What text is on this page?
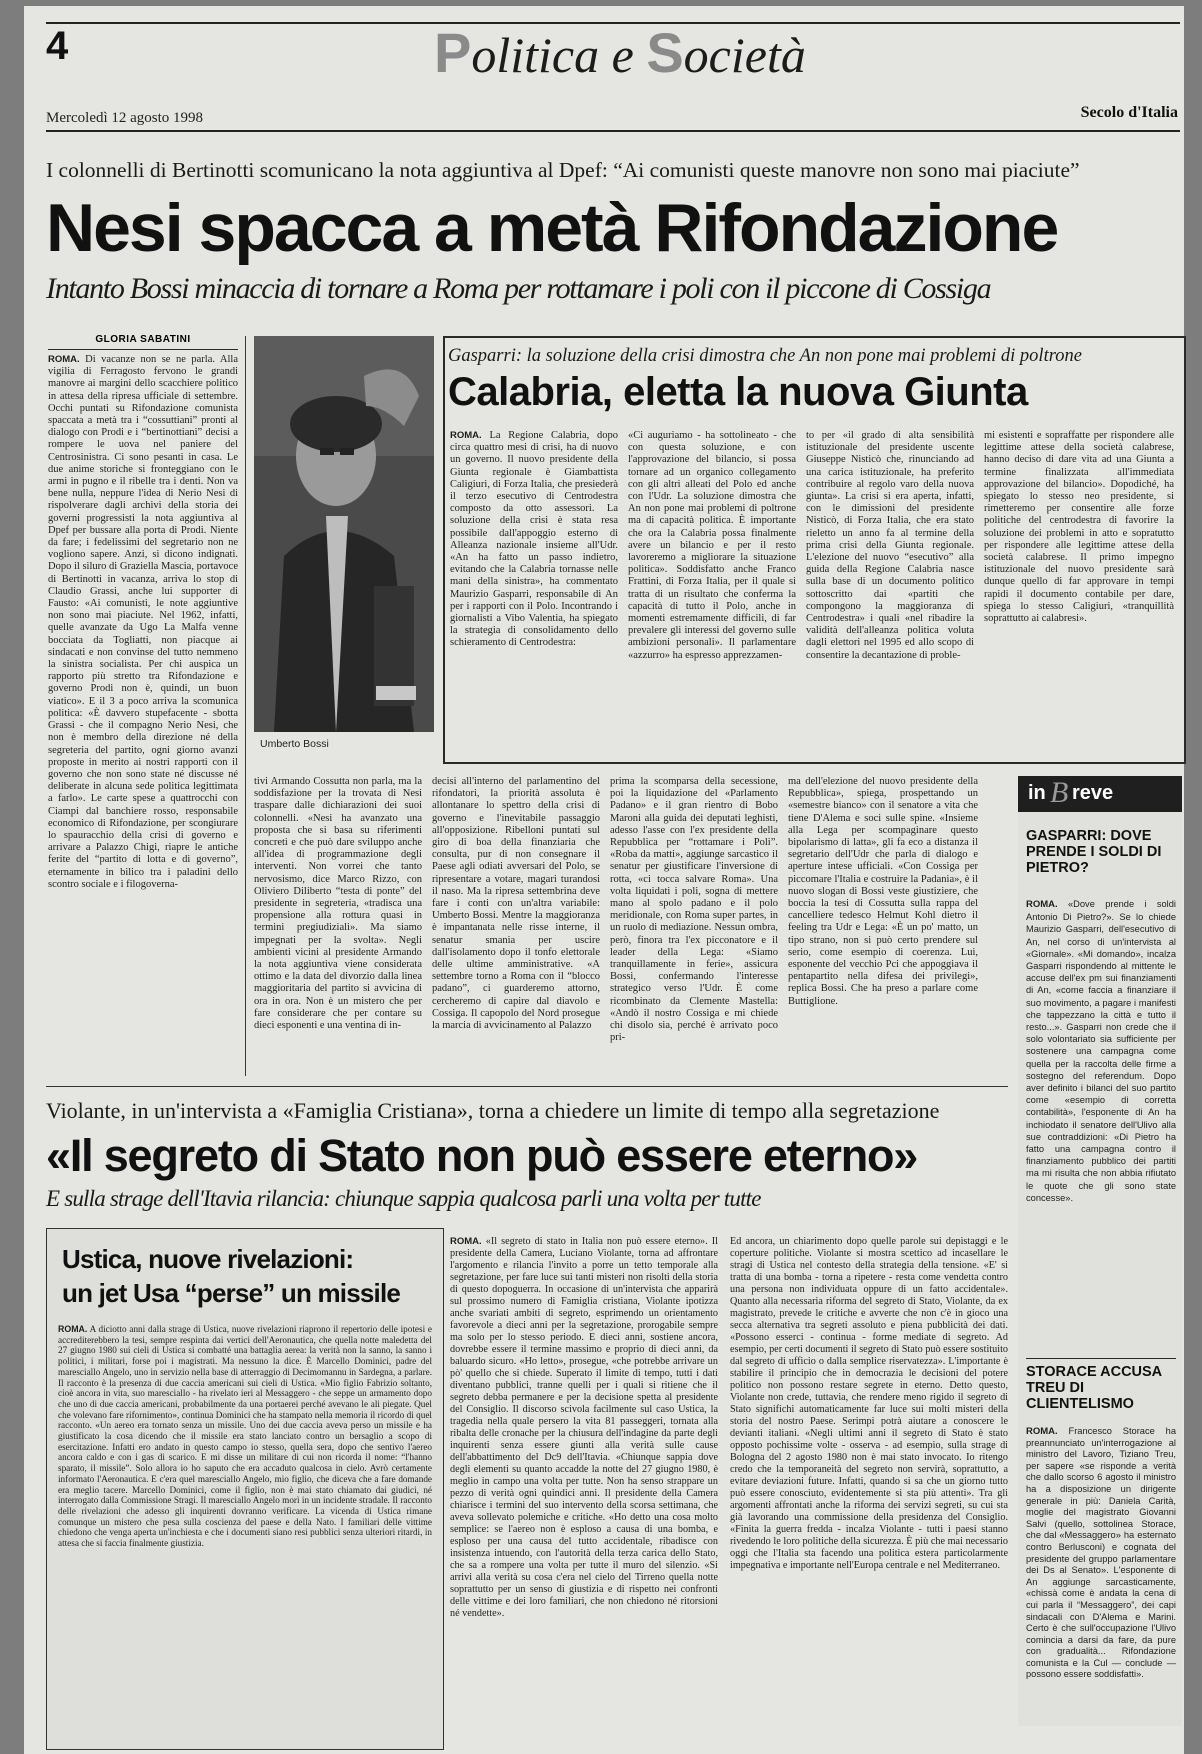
4	Politica e Società
Mercoledì 12 agosto 1998	Secolo d'Italia
I colonnelli di Bertinotti scomunicano la nota aggiuntiva al Dpef: “Ai comunisti queste manovre non sono mai piaciute”
Nesi spacca a metà Rifondazione
Intanto Bossi minaccia di tornare a Roma per rottamare i poli con il piccone di Cossiga
GLORIA SABATINI
ROMA. Di vacanze non se ne parla. Alla vigilia di Ferragosto fervono le grandi manovre ai margini dello scacchiere politico in attesa della ripresa ufficiale di settembre. Occhi puntati su Rifondazione comunista spaccata a metà tra i “cossuttiani” pronti al dialogo con Prodi e i “bertinottiani” decisi a rompere le uova nel paniere del Centrosinistra. Ci sono pesanti in casa. Le due anime storiche si fronteggiano con le armi in pugno e il ribelle tra i denti. Non va bene nulla, neppure l'idea di Nerio Nesi di rispolverare dagli archivi della storia dei governi progressisti la nota aggiuntiva al Dpef per bussare alla porta di Prodi. Niente da fare; i fedelissimi del segretario non ne vogliono sapere. Anzi, si dicono indignati. Dopo il siluro di Graziella Mascia, portavoce di Bertinotti in vacanza, arriva lo stop di Claudio Grassi, anche lui supporter di Fausto: «Ai comunisti, le note aggiuntive non sono mai piaciute. Nel 1962, infatti, quelle avanzate da Ugo La Malfa venne bocciata da Togliatti, non piacque ai sindacati e non convinse del tutto nemmeno la sinistra socialista. Per chi auspica un rapporto più stretto tra Rifondazione e governo Prodi non è, quindi, un buon viatico». E il 3 a poco arriva la scomunica politica: «È davvero stupefacente - sbotta Grassi - che il compagno Nerio Nesi, che non è membro della direzione né della segreteria del partito, ogni giorno avanzi proposte in merito ai nostri rapporti con il governo che non sono state né discusse né deliberate in alcuna sede politica legittimata a farlo». Le carte spese a quattrocchi con Ciampi dal banchiere rosso, responsabile economico di Rifondazione, per scongiurare lo spauracchio della crisi di governo e arrivare a Palazzo Chigi, riapre le antiche ferite del “partito di lotta e di governo”, eternamente in bilico tra i paladini dello scontro sociale e i filogoverna-
Umberto Bossi
Gasparri: la soluzione della crisi dimostra che An non pone mai problemi di poltrone
Calabria, eletta la nuova Giunta
ROMA. La Regione Calabria, dopo circa quattro mesi di crisi, ha di nuovo un governo. Il nuovo presidente della Giunta regionale è Giambattista Caligiuri, di Forza Italia, che presiederà il terzo esecutivo di Centrodestra composto da otto assessori. La soluzione della crisi è stata resa possibile dall'appoggio esterno di Alleanza nazionale insieme all'Udr. «An ha fatto un passo indietro, evitando che la Calabria tornasse nelle mani della sinistra», ha commentato Maurizio Gasparri, responsabile di An per i rapporti con il Polo. Incontrando i giornalisti a Vibo Valentia, ha spiegato la strategia di consolidamento dello schieramento di Centrodestra:
«Ci auguriamo - ha sottolineato - che con questa soluzione, e con l'approvazione del bilancio, si possa tornare ad un organico collegamento con gli altri alleati del Polo ed anche con l'Udr. La soluzione dimostra che An non pone mai problemi di poltrone ma di capacità politica. È importante che ora la Calabria possa finalmente avere un bilancio e per il resto lavoreremo a migliorare la situazione politica». Soddisfatto anche Franco Frattini, di Forza Italia, per il quale si tratta di un risultato che conferma la capacità di tutto il Polo, anche in momenti estremamente difficili, di far prevalere gli interessi del governo sulle ambizioni personali». Il parlamentare «azzurro» ha espresso apprezzamen-
to per «il grado di alta sensibilità istituzionale del presidente uscente Giuseppe Nisticò che, rinunciando ad una carica istituzionale, ha preferito contribuire al regolo varo della nuova giunta». La crisi si era aperta, infatti, con le dimissioni del presidente Nisticò, di Forza Italia, che era stato rieletto un anno fa al termine della prima crisi della Giunta regionale. L'elezione del nuovo “esecutivo” alla guida della Regione Calabria nasce sulla base di un documento politico sottoscritto dai «partiti che compongono la maggioranza di Centrodestra» i quali «nel ribadire la validità dell'alleanza politica voluta dagli elettori nel 1995 ed allo scopo di consentire la decantazione di proble-
mi esistenti e sopraffatte per rispondere alle legittime attese della società calabrese, hanno deciso di dare vita ad una Giunta a termine finalizzata all'immediata approvazione del bilancio». Dopodiché, ha spiegato lo stesso neo presidente, si rimetteremo per consentire alle forze politiche del centrodestra di favorire la soluzione dei problemi in atto e sopratutto per rispondere alle legittime attese della società calabrese. Il primo impegno istituzionale del nuovo presidente sarà dunque quello di far approvare in tempi rapidi il documento contabile per dare, spiega lo stesso Caligiuri, «tranquillità soprattutto ai calabresi».
tivi Armando Cossutta non parla, ma la soddisfazione per la trovata di Nesi traspare dalle dichiarazioni dei suoi colonnelli. «Nesi ha avanzato una proposta che si basa su riferimenti concreti e che può dare sviluppo anche all'idea di programmazione degli interventi. Non vorrei che tanto nervosismo, dice Marco Rizzo, con Oliviero Diliberto “testa di ponte” del presidente in segreteria, «tradisca una propensione alla rottura quasi in termini pregiudiziali». Ma siamo impegnati per la svolta». Negli ambienti vicini al presidente Armando la nota aggiuntiva viene considerata ottimo e la data del divorzio dalla linea maggioritaria del partito si avvicina di ora in ora. Non è un mistero che per fare considerare che per contare su dieci esponenti e una ventina di in-
decisi all'interno del parlamentino del rifondatori, la priorità assoluta è allontanare lo spettro della crisi di governo e l'inevitabile passaggio all'opposizione. Ribelloni puntati sul giro di boa della finanziaria che consulta, pur di non consegnare il Paese agli odiati avversari del Polo, se ripresentare a votare, magari turandosi il naso. Ma la ripresa settembrina deve fare i conti con un'altra variabile: Umberto Bossi. Mentre la maggioranza è impantanata nelle risse interne, il senatur smania per uscire dall'isolamento dopo il tonfo elettorale delle ultime amministrative. «A settembre torno a Roma con il “blocco padano”, ci guarderemo attorno, cercheremo di capire dal diavolo e Cossiga. Il capopolo del Nord prosegue la marcia di avvicinamento al Palazzo
prima la scomparsa della secessione, poi la liquidazione del «Parlamento Padano» e il gran rientro di Bobo Maroni alla guida dei deputati leghisti, adesso l'asse con l'ex presidente della Repubblica per “rottamare i Poli”. «Roba da matti», aggiunge sarcastico il senatur per giustificare l'inversione di rotta, «ci tocca salvare Roma». Una volta liquidati i poli, sogna di mettere mano al spolo padano e il polo meridionale, con Roma super partes, in un ruolo di mediazione. Nessun ombra, però, finora tra l'ex picconatore e il leader della Lega: «Siamo tranquillamente in ferie», assicura Bossi, confermando l'interesse strategico verso l'Udr. È come ricombinato da Clemente Mastella: «Andò il nostro Cossiga e mi chiede chi disolo sia, perché è arrivato poco pri-
ma dell'elezione del nuovo presidente della Repubblica», spiega, prospettando un «semestre bianco» con il senatore a vita che tiene D'Alema e soci sulle spine. «Insieme alla Lega per scompaginare questo bipolarismo di latta», gli fa eco a distanza il segretario dell'Udr che parla di dialogo e aperture intese ufficiali. «Con Cossiga per piccomare l'Italia e costruire la Padania», è il nuovo slogan di Bossi veste giustiziere, che boccia la tesi di Cossutta sulla rappa del cancelliere tedesco Helmut Kohl dietro il feeling tra Udr e Lega: «È un po' matto, un tipo strano, non si può certo prendere sul serio, come esempio di coerenza. Lui, esponente del vecchio Pci che appoggiava il pentapartito nella difesa dei privilegi», replica Bossi. Che ha preso a parlare come Buttiglione.
in B reve
GASPARRI: DOVE PRENDE I SOLDI DI PIETRO?
ROMA. «Dove prende i soldi Antonio Di Pietro?». Se lo chiede Maurizio Gasparri, dell'esecutivo di An, nel corso di un'intervista al «Giornale». «Mi domando», incalza Gasparri rispondendo al mittente le accuse dell'ex pm sui finanziamenti di An, «come faccia a finanziare il suo movimento, a pagare i manifesti che tappezzano la città e tutto il resto...». Gasparri non crede che il solo volontariato sia sufficiente per sostenere una campagna come quella per la raccolta delle firme a sostegno del referendum. Dopo aver definito i bilanci del suo partito come «esempio di corretta contabilità», l'esponente di An ha inchiodato il senatore dell'Ulivo alla sue contraddizioni: «Di Pietro ha fatto una campagna contro il finanziamento pubblico dei partiti ma mi risulta che non abbia rifiutato le quote che gli sono state concesse».
STORACE ACCUSA TREU DI CLIENTELISMO
ROMA. Francesco Storace ha preannunciato un'interrogazione al ministro del Lavoro, Tiziano Treu, per sapere «se risponde a verità che dallo scorso 6 agosto il ministro ha a disposizione un dirigente generale in più: Daniela Carità, moglie del magistrato Giovanni Salvi (quello, sottolinea Storace, che dal «Messaggero» ha esternato contro Berlusconi) e cognata del presidente del gruppo parlamentare dei Ds al Senato». L'esponente di An aggiunge sarcasticamente, «chissà come è andata la cena di cui parla il “Messaggero”, dei capi sindacali con D'Alema e Marini. Certo è che sull'occupazione l'Ulivo comincia a darsi da fare, da pure con gradualità... Rifondazione comunista e la Cul — conclude — possono essere soddisfatti».
Violante, in un'intervista a «Famiglia Cristiana», torna a chiedere un limite di tempo alla segretazione
«Il segreto di Stato non può essere eterno»
E sulla strage dell'Itavia rilancia: chiunque sappia qualcosa parli una volta per tutte
Ustica, nuove rivelazioni:
un jet Usa “perse” un missile
ROMA. A diciotto anni dalla strage di Ustica, nuove rivelazioni riaprono il repertorio delle ipotesi e accrediterebbero la tesi, sempre respinta dai vertici dell'Aeronautica, che quella notte maledetta del 27 giugno 1980 sui cieli di Ustica si combatté una battaglia aerea: la verità non la sanno, la sanno i politici, i militari, forse poi i magistrati. Ma nessuno la dice. È Marcello Dominici, padre del maresciallo Angelo, uno in servizio nella base di atterraggio di Decimomannu in Sardegna, a parlare. Il racconto è la presenza di due caccia americani sui cieli di Ustica. «Mio figlio Fabrizio soltanto, cioè ancora in vita, suo maresciallo - ha rivelato ieri al Messaggero - che seppe un armamento dopo che uno di due caccia americani, probabilmente da una portaerei perché avevano le ali piegate. Quel che volevano fare rifornimento», continua Dominici che ha stampato nella memoria il ricordo di quel racconto. «Un aereo era tornato senza un missile. Uno dei due caccia aveva perso un missile e ha giustificato la cosa dicendo che il missile era stato lanciato contro un bersaglio a scopo di esercitazione. Infatti ero andato in questo campo io stesso, quella sera, dopo che sentivo l'aereo ancora caldo e con i gas di scarico. E mi disse un militare di cui non ricorda il nome: “l'hanno sparato, il missile”. Solo allora io ho saputo che era accaduto qualcosa in cielo. Avrò certamente informato l'Aeronautica. E c'era quel maresciallo Angelo, mio figlio, che diceva che a fare domande era meglio tacere. Marcello Dominici, come il figlio, non è mai stato chiamato dai giudici, né interrogato dalla Commissione Stragi. Il maresciallo Angelo morì in un incidente stradale. Il racconto delle rivelazioni che adesso gli inquirenti dovranno verificare. La vicenda di Ustica rimane comunque un mistero che pesa sulla coscienza del paese e della Nato. I familiari delle vittime chiedono che venga aperta un'inchiesta e che i documenti siano resi pubblici senza ulteriori ritardi, in attesa che si faccia finalmente giustizia.
ROMA. «Il segreto di stato in Italia non può essere eterno». Il presidente della Camera, Luciano Violante, torna ad affrontare l'argomento e rilancia l'invito a porre un tetto temporale alla segretazione, per fare luce sui tanti misteri non risolti della storia di questo dopoguerra. In occasione di un'intervista che apparirà sul prossimo numero di Famiglia cristiana, Violante ipotizza anche svariati ambiti di segreto, esprimendo un orientamento favorevole a dieci anni per la segretazione, prorogabile sempre ma solo per lo stesso periodo. E dieci anni, sostiene ancora, dovrebbe essere il termine massimo e proprio di dieci anni, da baluardo sicuro. «Ho letto», prosegue, «che potrebbe arrivare un pò' quello che si chiede. Superato il limite di tempo, tutti i dati diventano pubblici, tranne quelli per i quali si ritiene che il segreto debba permanere e per la decisione spetta al presidente del Consiglio. Il discorso scivola facilmente sul caso Ustica, la tragedia nella quale persero la vita 81 passeggeri, tornata alla ribalta delle cronache per la chiusura dell'indagine da parte degli inquirenti senza essere giunti alla verità sulle cause dell'abbattimento del Dc9 dell'Itavia. «Chiunque sappia dove degli elementi su quanto accadde la notte del 27 giugno 1980, è meglio in campo una volta per tutte. Non ha senso strappare un pezzo di verità ogni quindici anni. Il presidente della Camera chiarisce i termini del suo intervento della scorsa settimana, che aveva sollevato polemiche e critiche. «Ho detto una cosa molto semplice: se l'aereo non è esploso a causa di una bomba, e esploso per una causa del tutto accidentale, ribadisce con insistenza intuendo, con l'autorità della terza carica dello Stato, che sa a rompere una volta per tutte il muro del silenzio. «Si arrivi alla verità su cosa c'era nel cielo del Tirreno quella notte soprattutto per un senso di giustizia e di rispetto nei confronti delle vittime e dei loro familiari, che non chiedono né ritorsioni né vendette».
Ed ancora, un chiarimento dopo quelle parole sui depistaggi e le coperture politiche. Violante si mostra scettico ad incasellare le stragi di Ustica nel contesto della strategia della tensione. «E' si tratta di una bomba - torna a ripetere - resta come vendetta contro una persona non individuata oppure di un fatto accidentale». Quanto alla necessaria riforma del segreto di Stato, Violante, da ex magistrato, prevede le critiche e avverte che non c'è in gioco una secca alternativa tra segreti assoluto e piena pubblicità dei dati. «Possono esserci - continua - forme mediate di segreto. Ad esempio, per certi documenti il segreto di Stato può essere sostituito dal segreto di ufficio o dalla semplice riservatezza». L'importante è stabilire il principio che in democrazia le decisioni del potere politico non possono restare segrete in eterno. Detto questo, Violante non crede, tuttavia, che rendere meno rigido il segreto di Stato significhi automaticamente far luce sui molti misteri della storia del nostro Paese. Serimpi potrà aiutare a conoscere le devianti italiani. «Negli ultimi anni il segreto di Stato è stato opposto pochissime volte - osserva - ad esempio, sulla strage di Bologna del 2 agosto 1980 non è mai stato invocato. Io ritengo credo che la temporaneità del segreto non servirà, soprattutto, a evitare deviazioni future. Infatti, quando si sa che un giorno tutto può essere conosciuto, evidentemente si sta più attenti». Tra gli argomenti affrontati anche la riforma dei servizi segreti, su cui sta già lavorando una commissione della presidenza del Consiglio. «Finita la guerra fredda - incalza Violante - tutti i paesi stanno rivedendo le loro politiche della sicurezza. È più che mai necessario oggi che l'Italia sta facendo una politica estera particolarmente impegnativa e importante nell'Europa centrale e nel Mediterraneo.
